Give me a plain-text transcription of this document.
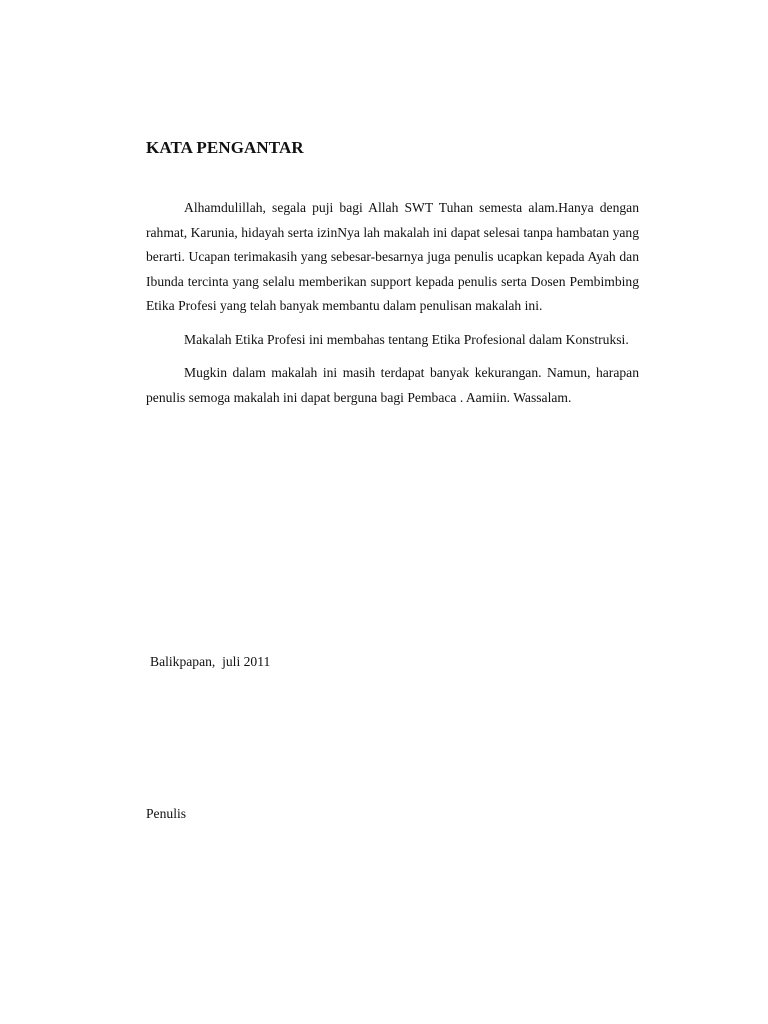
KATA PENGANTAR

Alhamdulillah, segala puji bagi Allah SWT Tuhan semesta alam.Hanya dengan rahmat, Karunia, hidayah serta izinNya lah makalah ini dapat selesai tanpa hambatan yang berarti. Ucapan terimakasih yang sebesar-besarnya juga penulis ucapkan kepada Ayah dan Ibunda tercinta yang selalu memberikan support kepada penulis serta Dosen Pembimbing Etika Profesi yang telah banyak membantu dalam penulisan makalah ini.

Makalah Etika Profesi ini membahas tentang Etika Profesional dalam Konstruksi.

Mugkin dalam makalah ini masih terdapat banyak kekurangan. Namun, harapan penulis semoga makalah ini dapat berguna bagi Pembaca . Aamiin. Wassalam.

Balikpapan,  juli 2011

Penulis
